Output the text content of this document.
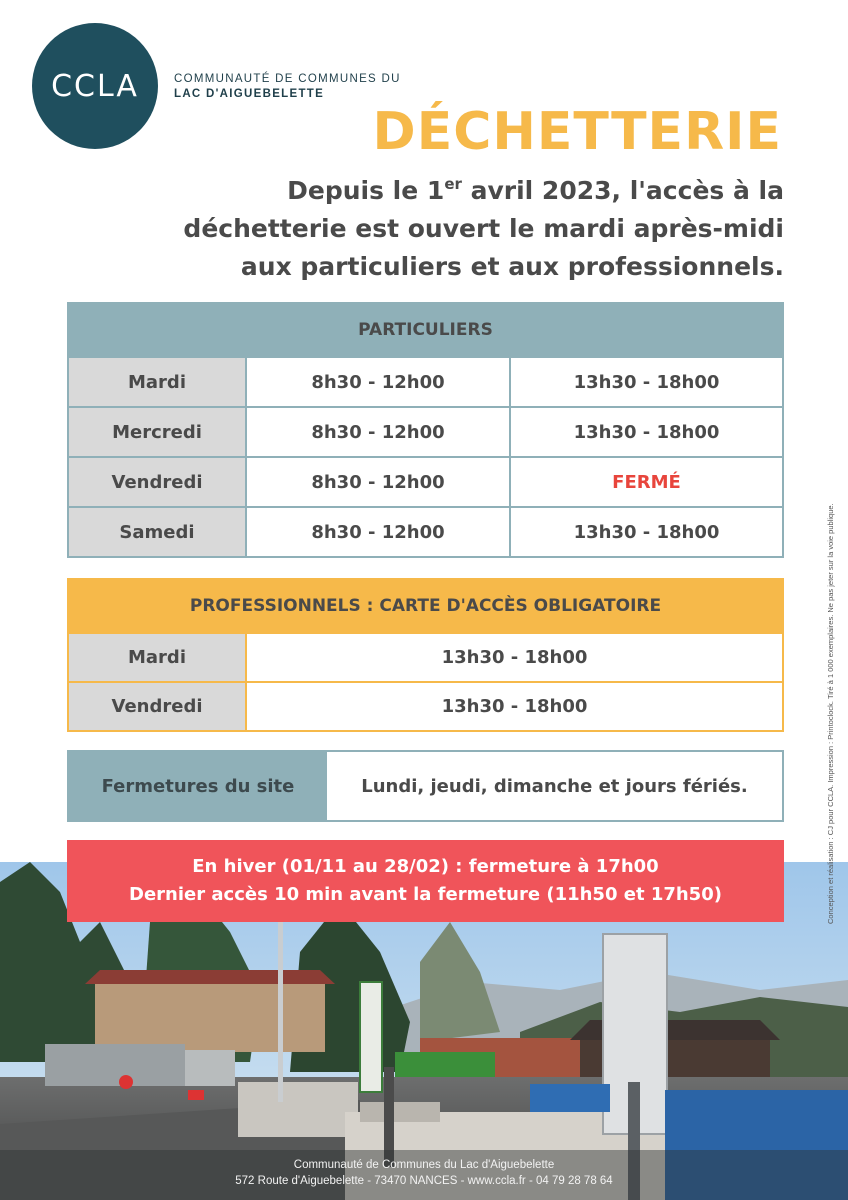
CCLA	COMMUNAUTÉ DE COMMUNES DU
LAC D'AIGUEBELETTE
DÉCHETTERIE
Depuis le 1er avril 2023, l'accès à la
déchetterie est ouvert le mardi après-midi
aux particuliers et aux professionnels.
PARTICULIERS
Mardi	8h30 - 12h00	13h30 - 18h00
Mercredi	8h30 - 12h00	13h30 - 18h00
Vendredi	8h30 - 12h00	FERMÉ
Samedi	8h30 - 12h00	13h30 - 18h00
PROFESSIONNELS : CARTE D'ACCÈS OBLIGATOIRE
Mardi	13h30 - 18h00
Vendredi	13h30 - 18h00
Fermetures du site	Lundi, jeudi, dimanche et jours fériés.
En hiver (01/11 au 28/02) : fermeture à 17h00
Dernier accès 10 min avant la fermeture (11h50 et 17h50)
Communauté de Communes du Lac d'Aiguebelette
572 Route d'Aiguebelette - 73470 NANCES - www.ccla.fr - 04 79 28 78 64
Conception et réalisation : CJ pour CCLA. Impression : Printoclock. Tiré à 1 000 exemplaires. Ne pas jeter sur la voie publique.
